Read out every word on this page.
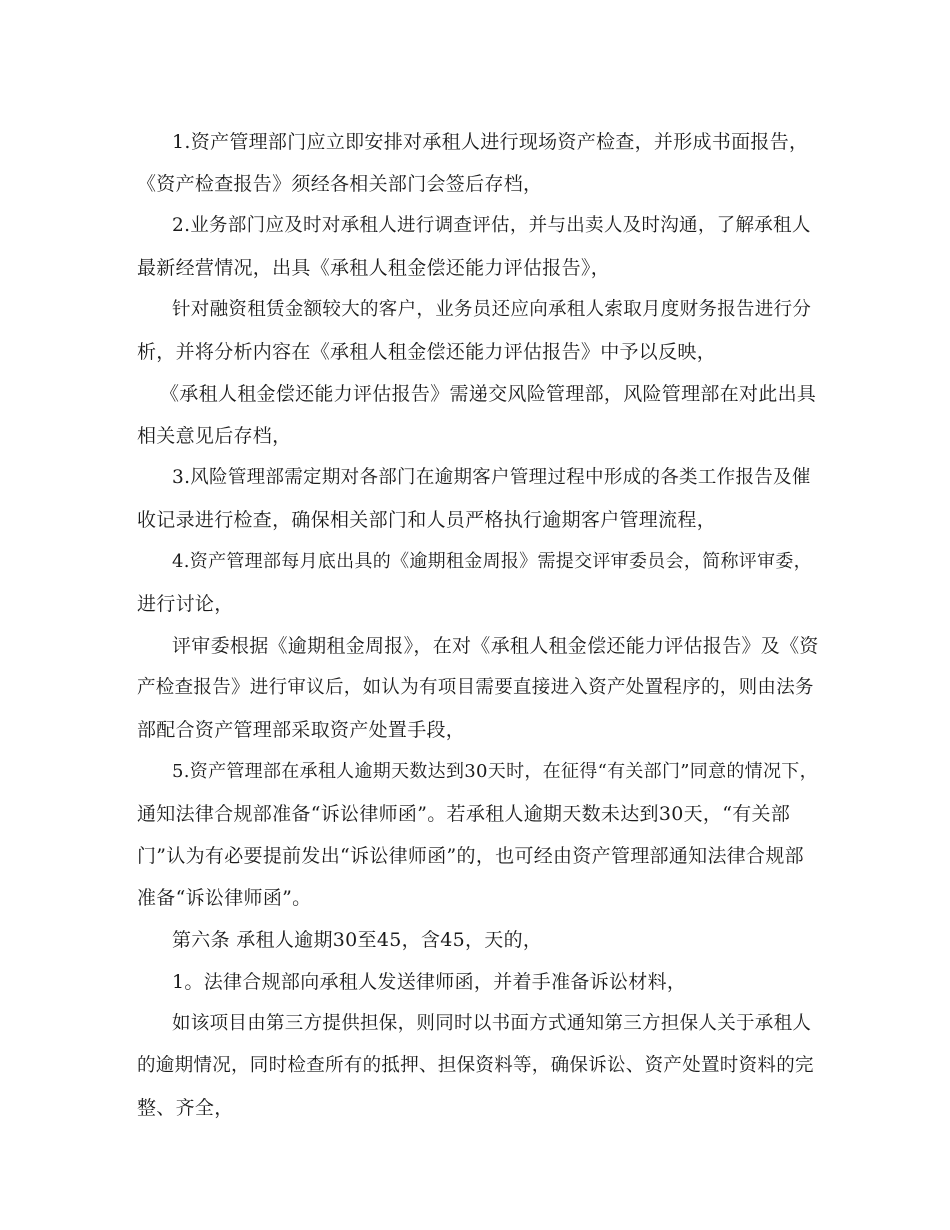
1.资产管理部门应立即安排对承租人进行现场资产检查，并形成书面报告，
《资产检查报告》须经各相关部门会签后存档，
2.业务部门应及时对承租人进行调查评估，并与出卖人及时沟通，了解承租人
最新经营情况，出具《承租人租金偿还能力评估报告》，
针对融资租赁金额较大的客户，业务员还应向承租人索取月度财务报告进行分
析，并将分析内容在《承租人租金偿还能力评估报告》中予以反映，
《承租人租金偿还能力评估报告》需递交风险管理部，风险管理部在对此出具
相关意见后存档，
3.风险管理部需定期对各部门在逾期客户管理过程中形成的各类工作报告及催
收记录进行检查，确保相关部门和人员严格执行逾期客户管理流程，
4.资产管理部每月底出具的《逾期租金周报》需提交评审委员会，简称评审委，
进行讨论，
评审委根据《逾期租金周报》，在对《承租人租金偿还能力评估报告》及《资
产检查报告》进行审议后，如认为有项目需要直接进入资产处置程序的，则由法务
部配合资产管理部采取资产处置手段，
5.资产管理部在承租人逾期天数达到30天时，在征得“有关部门”同意的情况下，
通知法律合规部准备“诉讼律师函”。若承租人逾期天数未达到30天，“有关部
门”认为有必要提前发出“诉讼律师函”的，也可经由资产管理部通知法律合规部
准备“诉讼律师函”。
第六条 承租人逾期30至45，含45，天的，
1。法律合规部向承租人发送律师函，并着手准备诉讼材料，
如该项目由第三方提供担保，则同时以书面方式通知第三方担保人关于承租人
的逾期情况，同时检查所有的抵押、担保资料等，确保诉讼、资产处置时资料的完
整、齐全，
